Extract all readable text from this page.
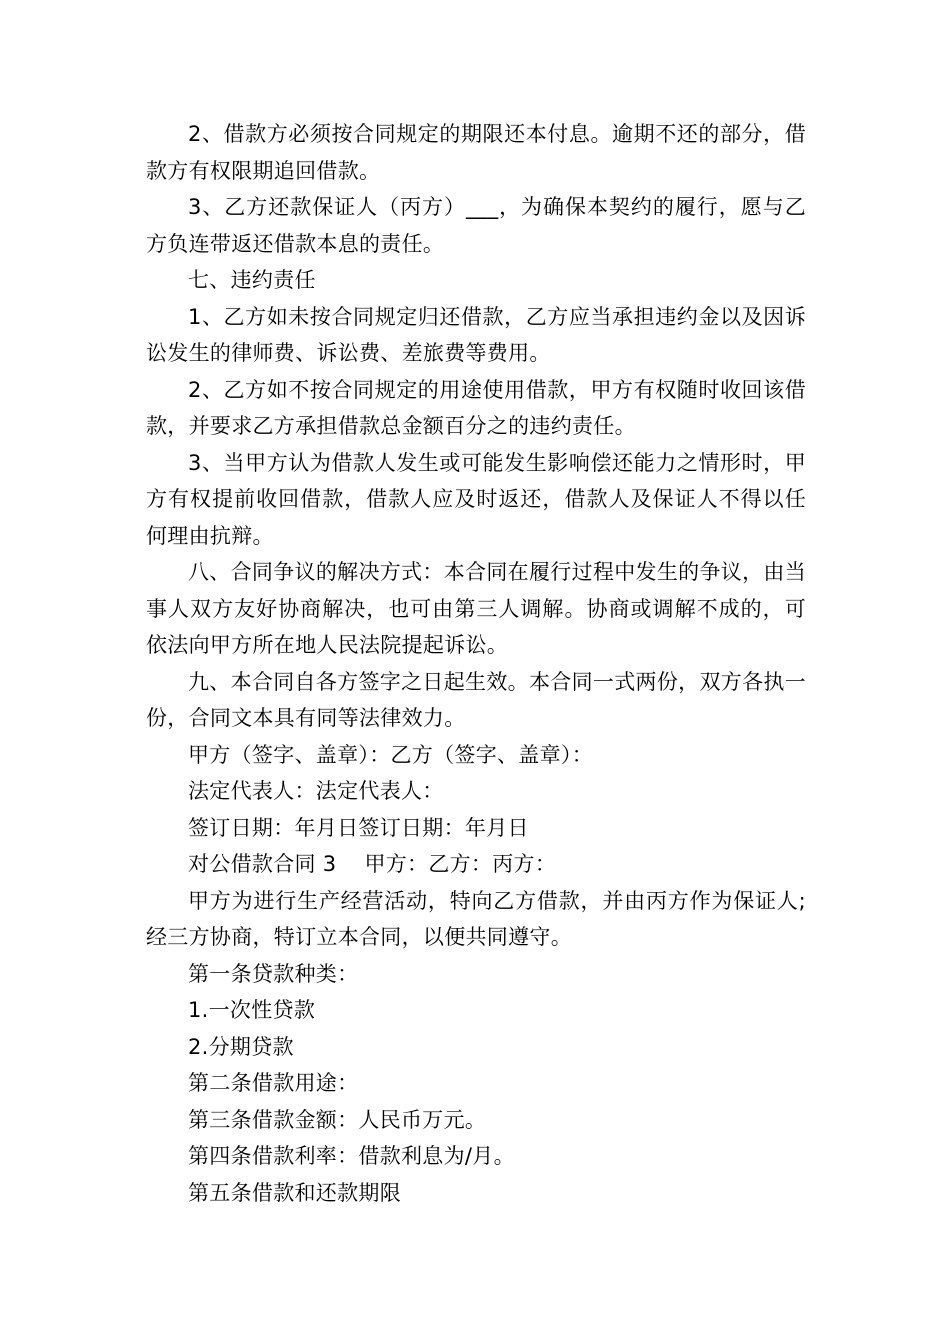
2、借款方必须按合同规定的期限还本付息。逾期不还的部分，借款方有权限期追回借款。

3、乙方还款保证人（丙方）___，为确保本契约的履行，愿与乙方负连带返还借款本息的责任。

七、违约责任

1、乙方如未按合同规定归还借款，乙方应当承担违约金以及因诉讼发生的律师费、诉讼费、差旅费等费用。

2、乙方如不按合同规定的用途使用借款，甲方有权随时收回该借款，并要求乙方承担借款总金额百分之的违约责任。

3、当甲方认为借款人发生或可能发生影响偿还能力之情形时，甲方有权提前收回借款，借款人应及时返还，借款人及保证人不得以任何理由抗辩。

八、合同争议的解决方式：本合同在履行过程中发生的争议，由当事人双方友好协商解决，也可由第三人调解。协商或调解不成的，可依法向甲方所在地人民法院提起诉讼。

九、本合同自各方签字之日起生效。本合同一式两份，双方各执一份，合同文本具有同等法律效力。

甲方（签字、盖章）：乙方（签字、盖章）：

法定代表人：法定代表人：

签订日期：年月日签订日期：年月日

对公借款合同 3 甲方：乙方：丙方：

甲方为进行生产经营活动，特向乙方借款，并由丙方作为保证人;经三方协商，特订立本合同，以便共同遵守。

第一条贷款种类：

1.一次性贷款

2.分期贷款

第二条借款用途：

第三条借款金额：人民币万元。

第四条借款利率：借款利息为/月。

第五条借款和还款期限
